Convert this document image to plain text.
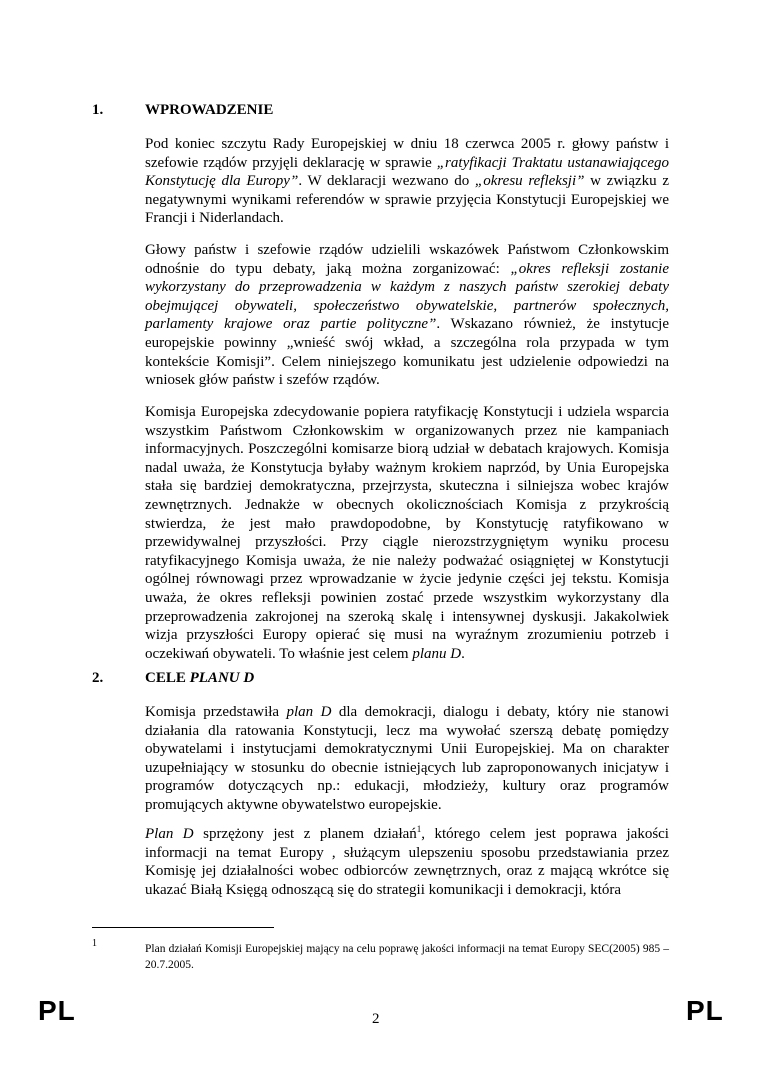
1.	WPROWADZENIE

Pod koniec szczytu Rady Europejskiej w dniu 18 czerwca 2005 r. głowy państw i szefowie rządów przyjęli deklarację w sprawie „ratyfikacji Traktatu ustanawiającego Konstytucję dla Europy”. W deklaracji wezwano do „okresu refleksji” w związku z negatywnymi wynikami referendów w sprawie przyjęcia Konstytucji Europejskiej we Francji i Niderlandach.

Głowy państw i szefowie rządów udzielili wskazówek Państwom Członkowskim odnośnie do typu debaty, jaką można zorganizować: „okres refleksji zostanie wykorzystany do przeprowadzenia w każdym z naszych państw szerokiej debaty obejmującej obywateli, społeczeństwo obywatelskie, partnerów społecznych, parlamenty krajowe oraz partie polityczne”. Wskazano również, że instytucje europejskie powinny „wnieść swój wkład, a szczególna rola przypada w tym kontekście Komisji”. Celem niniejszego komunikatu jest udzielenie odpowiedzi na wniosek głów państw i szefów rządów.

Komisja Europejska zdecydowanie popiera ratyfikację Konstytucji i udziela wsparcia wszystkim Państwom Członkowskim w organizowanych przez nie kampaniach informacyjnych. Poszczególni komisarze biorą udział w debatach krajowych. Komisja nadal uważa, że Konstytucja byłaby ważnym krokiem naprzód, by Unia Europejska stała się bardziej demokratyczna, przejrzysta, skuteczna i silniejsza wobec krajów zewnętrznych. Jednakże w obecnych okolicznościach Komisja z przykrością stwierdza, że jest mało prawdopodobne, by Konstytucję ratyfikowano w przewidywalnej przyszłości. Przy ciągle nierozstrzygniętym wyniku procesu ratyfikacyjnego Komisja uważa, że nie należy podważać osiągniętej w Konstytucji ogólnej równowagi przez wprowadzanie w życie jedynie części jej tekstu. Komisja uważa, że okres refleksji powinien zostać przede wszystkim wykorzystany dla przeprowadzenia zakrojonej na szeroką skalę i intensywnej dyskusji. Jakakolwiek wizja przyszłości Europy opierać się musi na wyraźnym zrozumieniu potrzeb i oczekiwań obywateli. To właśnie jest celem planu D.

2.	CELE PLANU D

Komisja przedstawiła plan D dla demokracji, dialogu i debaty, który nie stanowi działania dla ratowania Konstytucji, lecz ma wywołać szerszą debatę pomiędzy obywatelami i instytucjami demokratycznymi Unii Europejskiej. Ma on charakter uzupełniający w stosunku do obecnie istniejących lub zaproponowanych inicjatyw i programów dotyczących np.: edukacji, młodzieży, kultury oraz programów promujących aktywne obywatelstwo europejskie.

Plan D sprzężony jest z planem działań$^1$, którego celem jest poprawa jakości informacji na temat Europy , służącym ulepszeniu sposobu przedstawiania przez Komisję jej działalności wobec odbiorców zewnętrznych, oraz z mającą wkrótce się ukazać Białą Księgą odnoszącą się do strategii komunikacji i demokracji, która

1	Plan działań Komisji Europejskiej mający na celu poprawę jakości informacji na temat Europy SEC(2005) 985 – 20.7.2005.

PL	2	PL
